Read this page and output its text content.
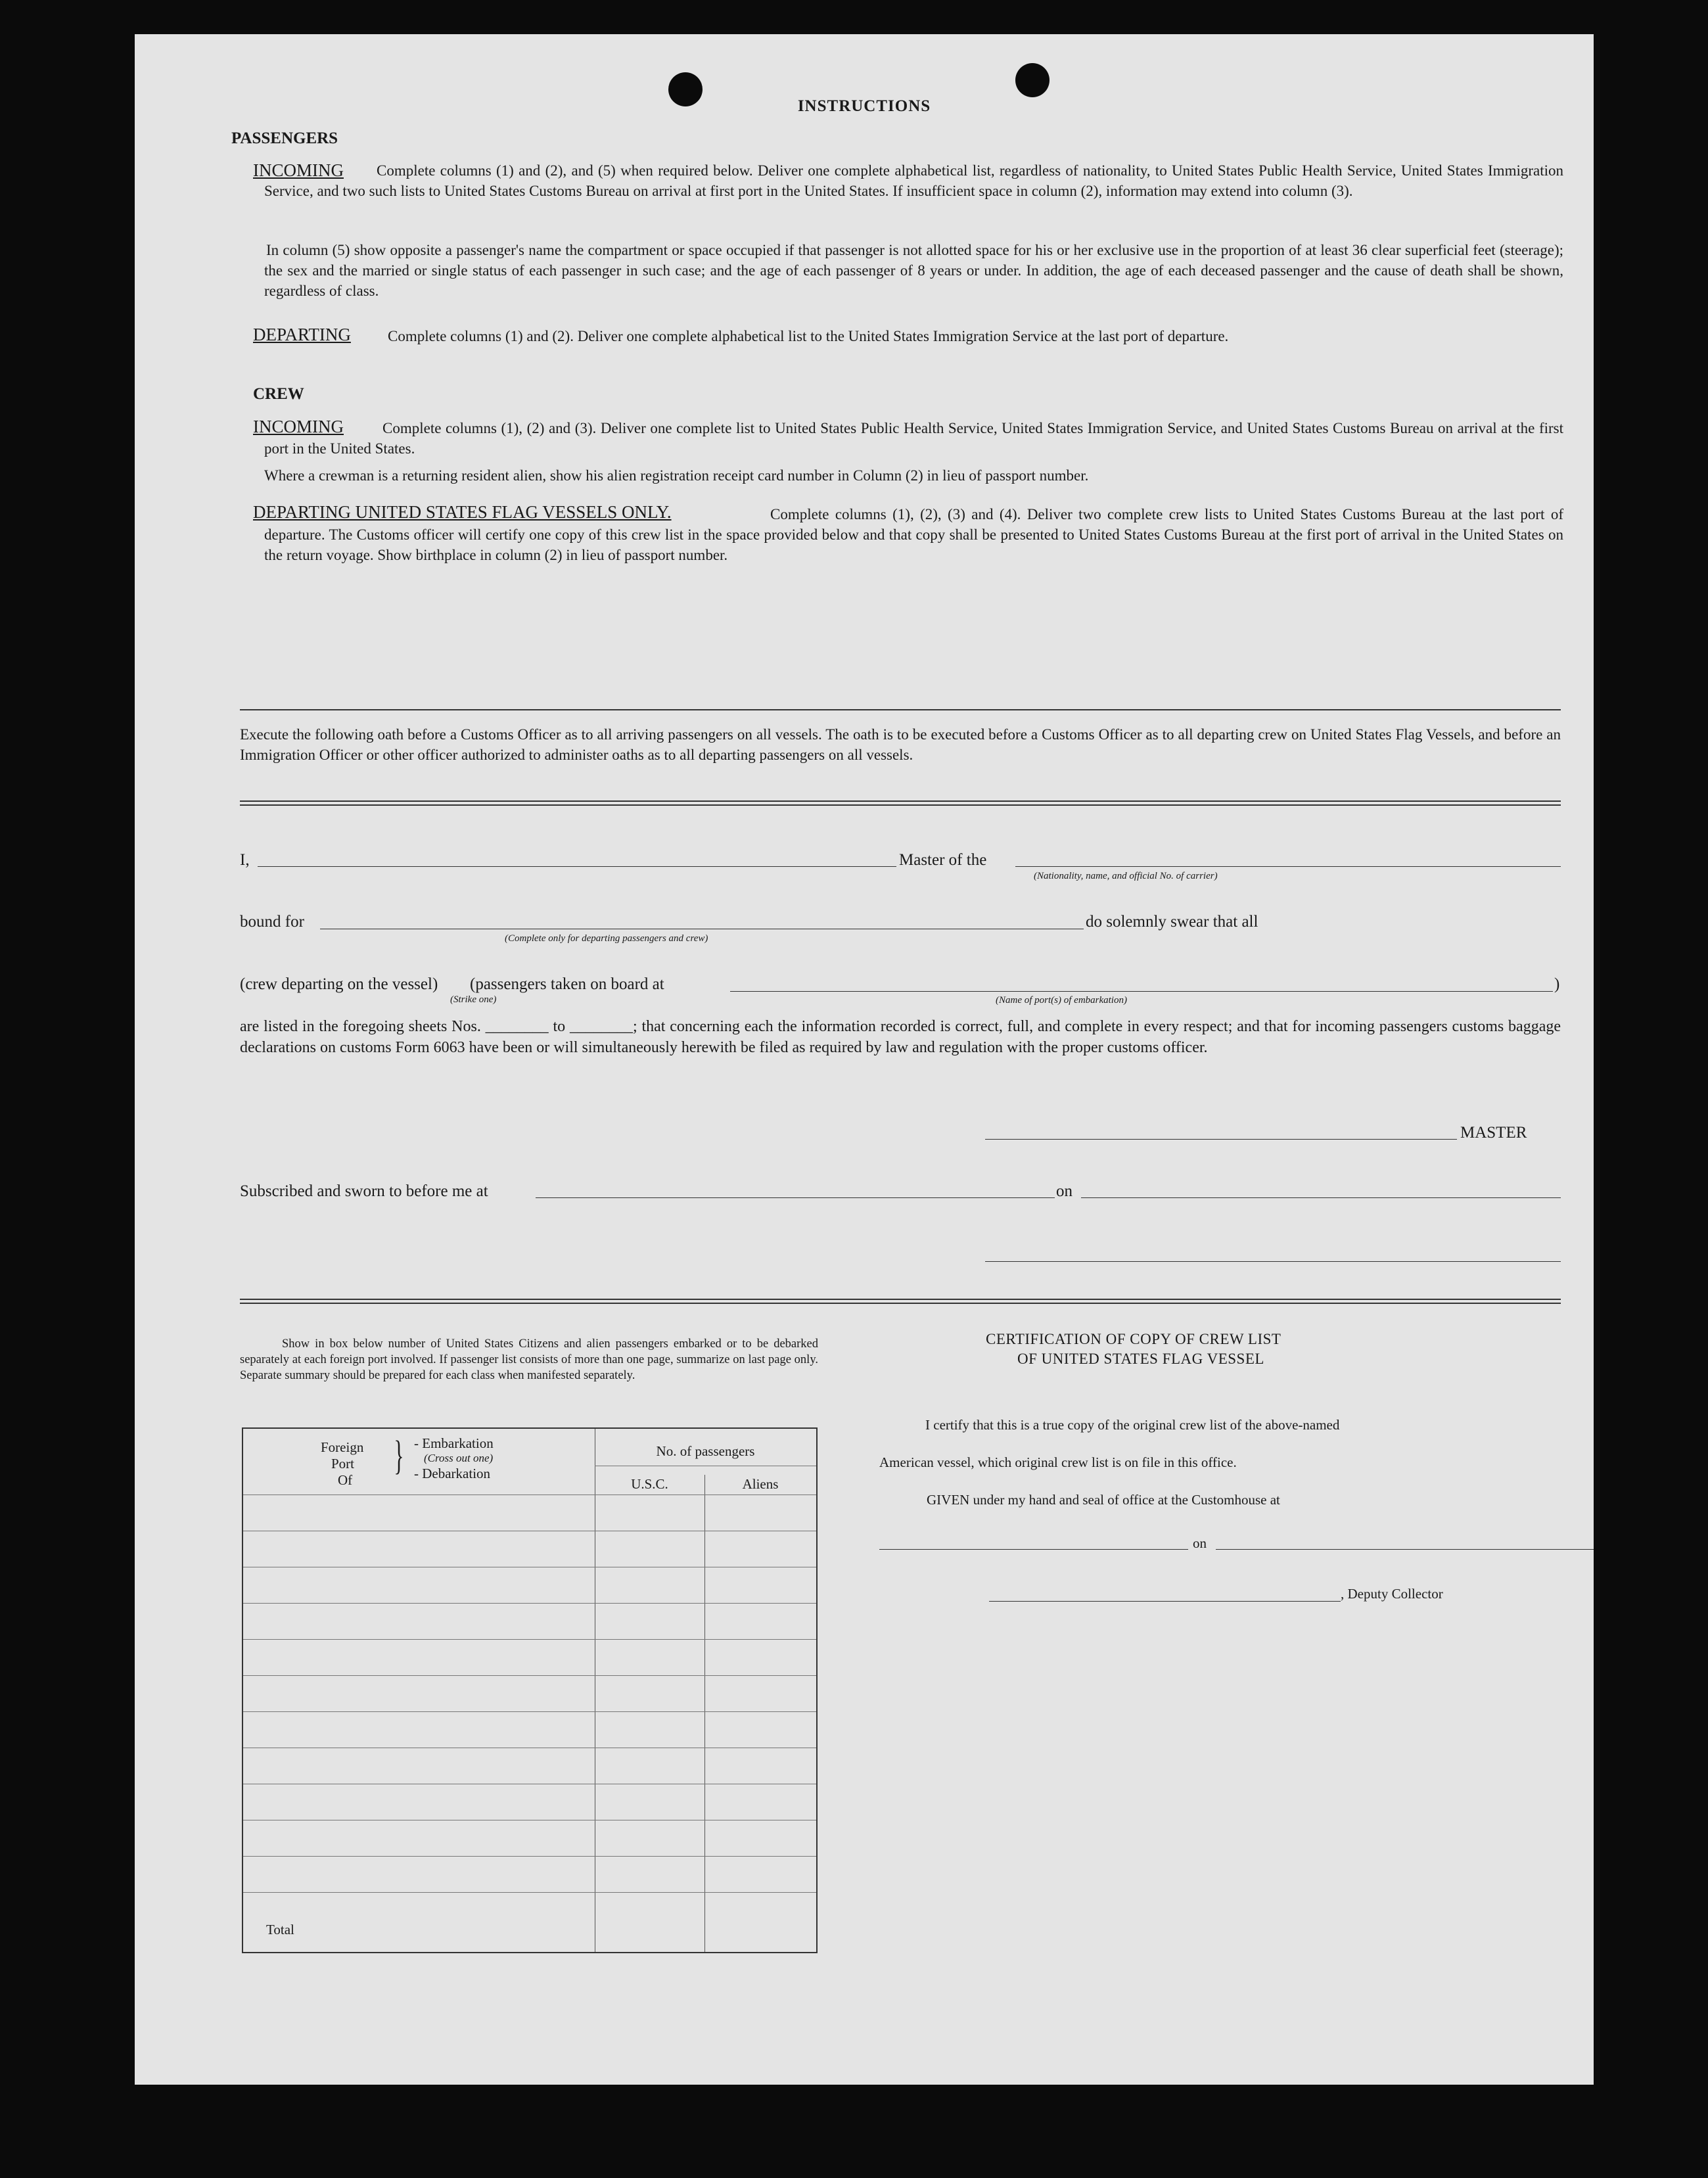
INSTRUCTIONS
PASSENGERS
INCOMING	Complete columns (1) and (2), and (5) when required below. Deliver one complete alphabetical list, regardless of nationality, to United States Public Health Service, United States Immigration Service, and two such lists to United States Customs Bureau on arrival at first port in the United States. If insufficient space in column (2), information may extend into column (3).
In column (5) show opposite a passenger's name the compartment or space occupied if that passenger is not allotted space for his or her exclusive use in the proportion of at least 36 clear superficial feet (steerage); the sex and the married or single status of each passenger in such case; and the age of each passenger of 8 years or under. In addition, the age of each deceased passenger and the cause of death shall be shown, regardless of class.
DEPARTING	Complete columns (1) and (2). Deliver one complete alphabetical list to the United States Immigration Service at the last port of departure.
CREW
INCOMING	Complete columns (1), (2) and (3). Deliver one complete list to United States Public Health Service, United States Immigration Service, and United States Customs Bureau on arrival at the first port in the United States.
Where a crewman is a returning resident alien, show his alien registration receipt card number in Column (2) in lieu of passport number.
DEPARTING UNITED STATES FLAG VESSELS ONLY.	Complete columns (1), (2), (3) and (4). Deliver two complete crew lists to United States Customs Bureau at the last port of departure. The Customs officer will certify one copy of this crew list in the space provided below and that copy shall be presented to United States Customs Bureau at the first port of arrival in the United States on the return voyage. Show birthplace in column (2) in lieu of passport number.
Execute the following oath before a Customs Officer as to all arriving passengers on all vessels. The oath is to be executed before a Customs Officer as to all departing crew on United States Flag Vessels, and before an Immigration Officer or other officer authorized to administer oaths as to all departing passengers on all vessels.
I,	Master of the
(Nationality, name, and official No. of carrier)
bound for
(Complete only for departing passengers and crew)
do solemnly swear that all
(crew departing on the vessel) (passengers taken on board at
(Strike one)	(Name of port(s) of embarkation)
)
are listed in the foregoing sheets Nos. ________ to ________; that concerning each the information recorded is correct, full, and complete in every respect; and that for incoming passengers customs baggage declarations on customs Form 6063 have been or will simultaneously herewith be filed as required by law and regulation with the proper customs officer.
MASTER
Subscribed and sworn to before me at	on
Show in box below number of United States Citizens and alien passengers embarked or to be debarked separately at each foreign port involved. If passenger list consists of more than one page, summarize on last page only. Separate summary should be prepared for each class when manifested separately.
Foreign
Port
Of
} - Embarkation
(Cross out one)
- Debarkation
No. of passengers
U.S.C.	Aliens
Total
CERTIFICATION OF COPY OF CREW LIST
OF UNITED STATES FLAG VESSEL
I certify that this is a true copy of the original crew list of the above-named
American vessel, which original crew list is on file in this office.
GIVEN under my hand and seal of office at the Customhouse at
on
, Deputy Collector
